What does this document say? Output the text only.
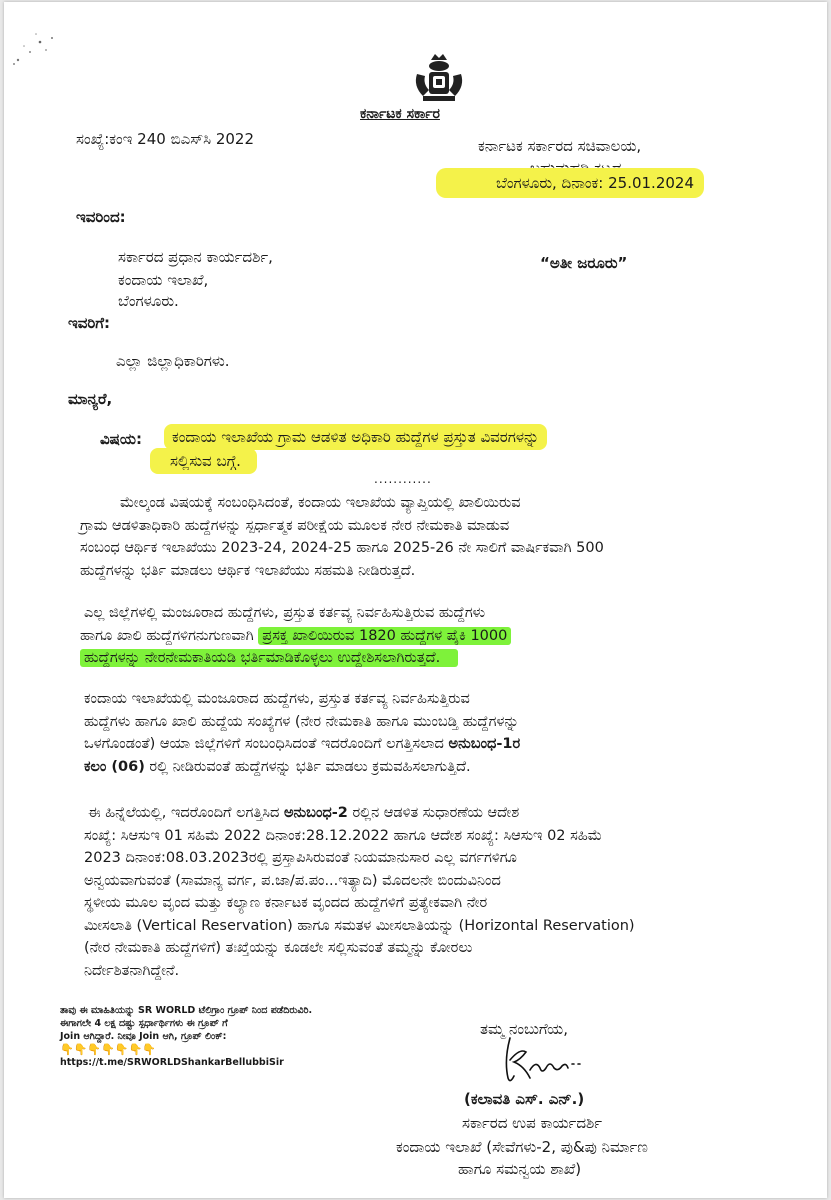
ಕರ್ನಾಟಕ ಸರ್ಕಾರ
ಸಂಖ್ಯೆ:ಕಂಇ 240 ಬಿಎಸ್‌ಸಿ 2022	ಕರ್ನಾಟಕ ಸರ್ಕಾರದ ಸಚಿವಾಲಯ,
ಬೆಂಗಳೂರು, ದಿನಾಂಕ: 25.01.2024
ಇವರಿಂದ:
ಸರ್ಕಾರದ ಪ್ರಧಾನ ಕಾರ್ಯದರ್ಶಿ,
ಕಂದಾಯ ಇಲಾಖೆ,
ಬೆಂಗಳೂರು.
“ಅತೀ ಜರೂರು”
ಇವರಿಗೆ:
ಎಲ್ಲಾ ಜಿಲ್ಲಾಧಿಕಾರಿಗಳು.
ಮಾನ್ಯರೆ,
ವಿಷಯ:	ಕಂದಾಯ ಇಲಾಖೆಯ ಗ್ರಾಮ ಆಡಳಿತ ಅಧಿಕಾರಿ ಹುದ್ದೆಗಳ ಪ್ರಸ್ತುತ ವಿವರಗಳನ್ನು
ಸಲ್ಲಿಸುವ ಬಗ್ಗೆ.
............
ಮೇಲ್ಕಂಡ ವಿಷಯಕ್ಕೆ ಸಂಬಂಧಿಸಿದಂತೆ, ಕಂದಾಯ ಇಲಾಖೆಯ ವ್ಯಾಪ್ತಿಯಲ್ಲಿ ಖಾಲಿಯಿರುವ
ಗ್ರಾಮ ಆಡಳಿತಾಧಿಕಾರಿ ಹುದ್ದೆಗಳನ್ನು ಸ್ಪರ್ಧಾತ್ಮಕ ಪರೀಕ್ಷೆಯ ಮೂಲಕ ನೇರ ನೇಮಕಾತಿ ಮಾಡುವ
ಸಂಬಂಧ ಆರ್ಥಿಕ ಇಲಾಖೆಯು 2023-24, 2024-25 ಹಾಗೂ 2025-26 ನೇ ಸಾಲಿಗೆ ವಾರ್ಷಿಕವಾಗಿ 500
ಹುದ್ದೆಗಳನ್ನು ಭರ್ತಿ ಮಾಡಲು ಆರ್ಥಿಕ ಇಲಾಖೆಯು ಸಹಮತಿ ನೀಡಿರುತ್ತದೆ.
ಎಲ್ಲ ಜಿಲ್ಲೆಗಳಲ್ಲಿ ಮಂಜೂರಾದ ಹುದ್ದೆಗಳು, ಪ್ರಸ್ತುತ ಕರ್ತವ್ಯ ನಿರ್ವಹಿಸುತ್ತಿರುವ ಹುದ್ದೆಗಳು
ಹಾಗೂ ಖಾಲಿ ಹುದ್ದೆಗಳಿಗನುಗುಣವಾಗಿ ಪ್ರಸಕ್ತ ಖಾಲಿಯಿರುವ 1820 ಹುದ್ದೆಗಳ ಪೈಕಿ 1000
ಹುದ್ದೆಗಳನ್ನು ನೇರನೇಮಕಾತಿಯಡಿ ಭರ್ತಿಮಾಡಿಕೊಳ್ಳಲು ಉದ್ದೇಶಿಸಲಾಗಿರುತ್ತದೆ.
ಕಂದಾಯ ಇಲಾಖೆಯಲ್ಲಿ ಮಂಜೂರಾದ ಹುದ್ದೆಗಳು, ಪ್ರಸ್ತುತ ಕರ್ತವ್ಯ ನಿರ್ವಹಿಸುತ್ತಿರುವ
ಹುದ್ದೆಗಳು ಹಾಗೂ ಖಾಲಿ ಹುದ್ದೆಯ ಸಂಖ್ಯೆಗಳ (ನೇರ ನೇಮಕಾತಿ ಹಾಗೂ ಮುಂಬಡ್ತಿ ಹುದ್ದೆಗಳನ್ನು
ಒಳಗೊಂಡಂತೆ) ಆಯಾ ಜಿಲ್ಲೆಗಳಿಗೆ ಸಂಬಂಧಿಸಿದಂತೆ ಇದರೊಂದಿಗೆ ಲಗತ್ತಿಸಲಾದ ಅನುಬಂಧ-1ರ
ಕಲಂ (06) ರಲ್ಲಿ ನೀಡಿರುವಂತೆ ಹುದ್ದೆಗಳನ್ನು ಭರ್ತಿ ಮಾಡಲು ಕ್ರಮವಹಿಸಲಾಗುತ್ತಿದೆ.
ಈ ಹಿನ್ನೆಲೆಯಲ್ಲಿ, ಇದರೊಂದಿಗೆ ಲಗತ್ತಿಸಿದ ಅನುಬಂಧ-2 ರಲ್ಲಿನ ಆಡಳಿತ ಸುಧಾರಣೆಯ ಆದೇಶ
ಸಂಖ್ಯೆ: ಸಿಆಸುಇ 01 ಸಹಿಮೆ 2022 ದಿನಾಂಕ:28.12.2022 ಹಾಗೂ ಆದೇಶ ಸಂಖ್ಯೆ: ಸಿಆಸುಇ 02 ಸಹಿಮೆ
2023 ದಿನಾಂಕ:08.03.2023ರಲ್ಲಿ ಪ್ರಸ್ತಾಪಿಸಿರುವಂತೆ ನಿಯಮಾನುಸಾರ ಎಲ್ಲ ವರ್ಗಗಳಿಗೂ
ಅನ್ವಯವಾಗುವಂತೆ (ಸಾಮಾನ್ಯ ವರ್ಗ, ಪ.ಜಾ/ಪ.ಪಂ...ಇತ್ಯಾದಿ) ಮೊದಲನೇ ಬಿಂದುವಿನಿಂದ
ಸ್ಥಳೀಯ ಮೂಲ ವೃಂದ ಮತ್ತು ಕಲ್ಯಾಣ ಕರ್ನಾಟಕ ವೃಂದದ ಹುದ್ದೆಗಳಿಗೆ ಪ್ರತ್ಯೇಕವಾಗಿ ನೇರ
ಮೀಸಲಾತಿ (Vertical Reservation) ಹಾಗೂ ಸಮತಳ ಮೀಸಲಾತಿಯನ್ನು (Horizontal Reservation)
(ನೇರ ನೇಮಕಾತಿ ಹುದ್ದೆಗಳಿಗೆ) ತಃಖ್ತೆಯನ್ನು ಕೂಡಲೇ ಸಲ್ಲಿಸುವಂತೆ ತಮ್ಮನ್ನು ಕೋರಲು
ನಿರ್ದೇಶಿತನಾಗಿದ್ದೇನೆ.
ತಾವು ಈ ಮಾಹಿತಿಯನ್ನು SR WORLD ಟೆಲಿಗ್ರಾಂ ಗ್ರೂಪ್ ನಿಂದ ಪಡೆದಿರುವಿರಿ.
ಈಗಾಗಲೇ 4 ಲಕ್ಷ ದಷ್ಟು ಸ್ಪರ್ಧಾರ್ಥಿಗಳು ಈ ಗ್ರೂಪ್ ಗೆ
Join ಆಗಿದ್ದಾರೆ. ನೀವೂ Join ಆಗಿ, ಗ್ರೂಪ್ ಲಿಂಕ್:
👇👇👇👇👇👇👇
https://t.me/SRWORLDShankarBellubbiSir
ತಮ್ಮ ನಂಬುಗೆಯ,
(ಕಲಾವತಿ ಎಸ್. ಎನ್.)
ಸರ್ಕಾರದ ಉಪ ಕಾರ್ಯದರ್ಶಿ
ಕಂದಾಯ ಇಲಾಖೆ (ಸೇವೆಗಳು-2, ಪು&ಪು ನಿರ್ಮಾಣ
ಹಾಗೂ ಸಮನ್ವಯ ಶಾಖೆ)
